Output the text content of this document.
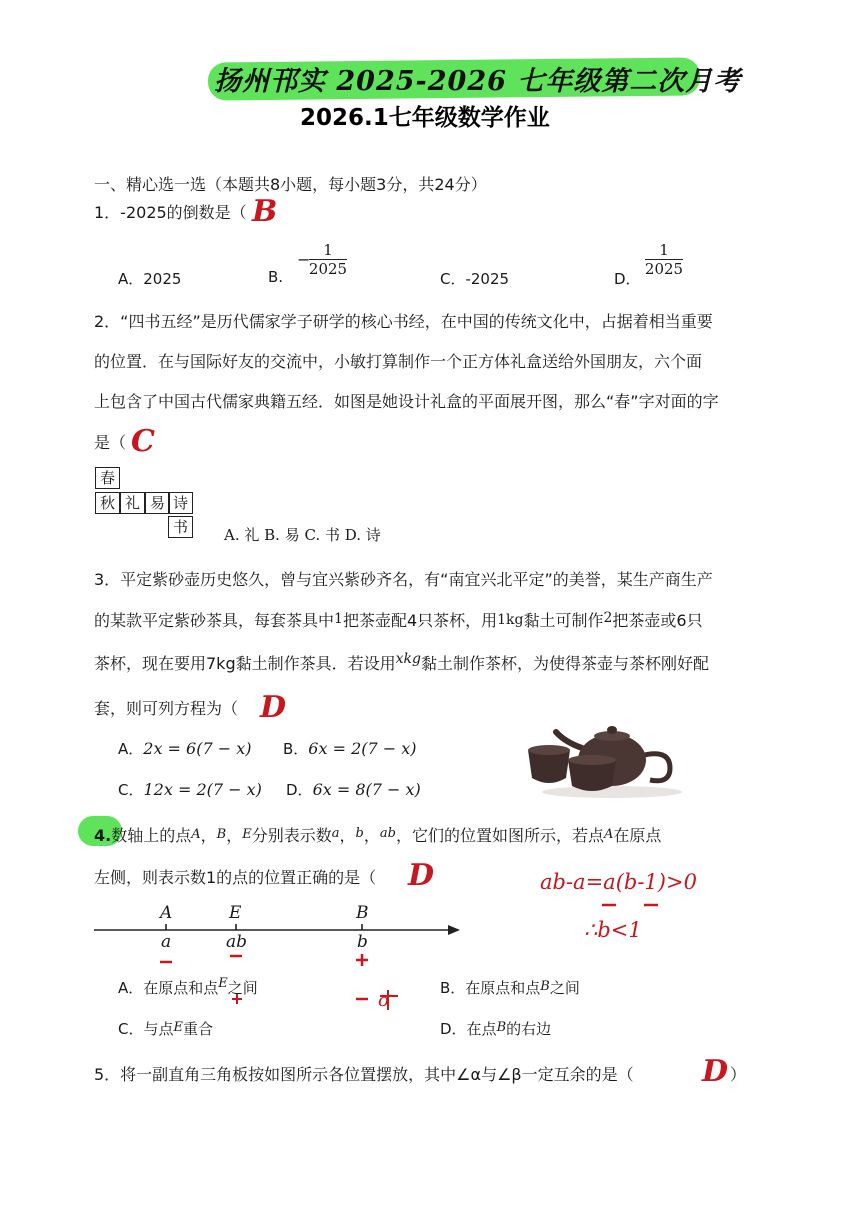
扬州邗实 2025-2026 七年级第二次月考
2026.1七年级数学作业
一、精心选一选（本题共8小题，每小题3分，共24分）
1．-2025的倒数是（ B
A．2025	B.
− 1
2025
C．-2025	D．
1
2025
2．“四书五经”是历代儒家学子研学的核心书经，在中国的传统文化中，占据着相当重要
的位置．在与国际好友的交流中，小敏打算制作一个正方体礼盒送给外国朋友，六个面
上包含了中国古代儒家典籍五经．如图是她设计礼盒的平面展开图，那么“春”字对面的字
是（ C
春
秋 礼 易 诗
书	A. 礼 B. 易 C. 书 D. 诗
3．平定紫砂壶历史悠久，曾与宜兴紫砂齐名，有“南宜兴北平定”的美誉，某生产商生产
的某款平定紫砂茶具，每套茶具中1把茶壶配4只茶杯，用1kg黏土可制作2把茶壶或6只
茶杯，现在要用7kg黏土制作茶具．若设用xkg黏土制作茶杯，为使得茶壶与茶杯刚好配
套，则可列方程为（ D
A．2x = 6(7 − x) B．6x = 2(7 − x)
C．12x = 2(7 − x) D．6x = 8(7 − x)
4.数轴上的点A，B，E分别表示数$^a$，$^b$，$^{ab}$，它们的位置如图所示，若点A在原点
左侧，则表示数1的点的位置正确的是（ D	ab-a=a(b-1)>0
∴b<1
A	E	B
a	ab	b
A．在原点和点E之间
o
B．在原点和点B之间
C．与点E重合	D．在点B的右边
5．将一副直角三角板按如图所示各位置摆放，其中∠α与∠β一定互余的是（ D ）
